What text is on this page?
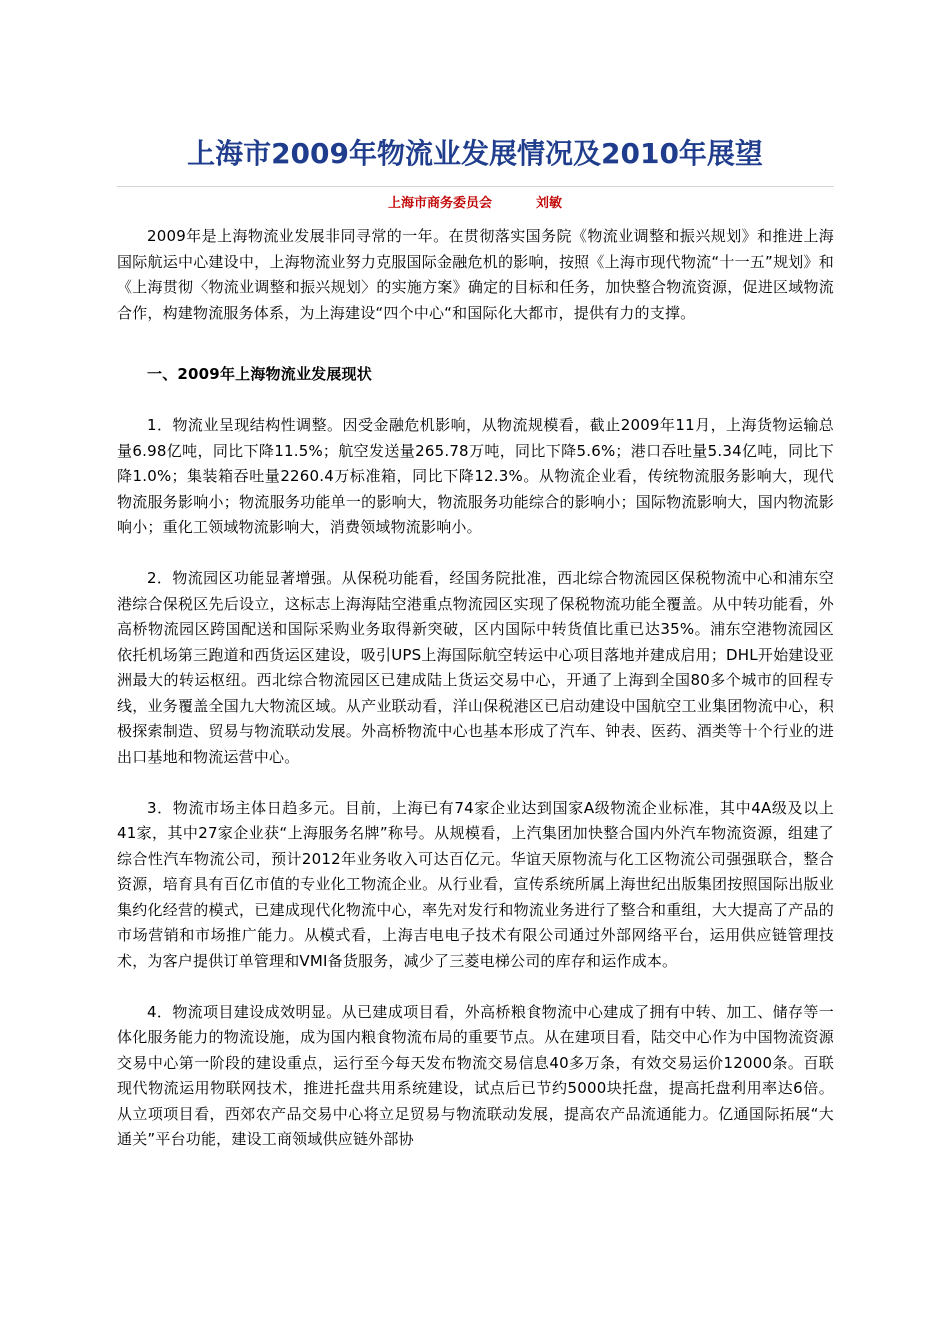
上海市2009年物流业发展情况及2010年展望
上海市商务委员会	刘敏

2009年是上海物流业发展非同寻常的一年。在贯彻落实国务院《物流业调整和振兴规划》和推进上海国际航运中心建设中，上海物流业努力克服国际金融危机的影响，按照《上海市现代物流“十一五”规划》和《上海贯彻〈物流业调整和振兴规划〉的实施方案》确定的目标和任务，加快整合物流资源，促进区域物流合作，构建物流服务体系，为上海建设“四个中心“和国际化大都市，提供有力的支撑。

一、2009年上海物流业发展现状

1．物流业呈现结构性调整。因受金融危机影响，从物流规模看，截止2009年11月，上海货物运输总量6.98亿吨，同比下降11.5%；航空发送量265.78万吨，同比下降5.6%；港口吞吐量5.34亿吨，同比下降1.0%；集装箱吞吐量2260.4万标准箱，同比下降12.3%。从物流企业看，传统物流服务影响大，现代物流服务影响小；物流服务功能单一的影响大，物流服务功能综合的影响小；国际物流影响大，国内物流影响小；重化工领域物流影响大，消费领域物流影响小。

2．物流园区功能显著增强。从保税功能看，经国务院批准，西北综合物流园区保税物流中心和浦东空港综合保税区先后设立，这标志上海海陆空港重点物流园区实现了保税物流功能全覆盖。从中转功能看，外高桥物流园区跨国配送和国际采购业务取得新突破，区内国际中转货值比重已达35%。浦东空港物流园区依托机场第三跑道和西货运区建设，吸引UPS上海国际航空转运中心项目落地并建成启用；DHL开始建设亚洲最大的转运枢纽。西北综合物流园区已建成陆上货运交易中心，开通了上海到全国80多个城市的回程专线，业务覆盖全国九大物流区域。从产业联动看，洋山保税港区已启动建设中国航空工业集团物流中心，积极探索制造、贸易与物流联动发展。外高桥物流中心也基本形成了汽车、钟表、医药、酒类等十个行业的进出口基地和物流运营中心。

3．物流市场主体日趋多元。目前，上海已有74家企业达到国家A级物流企业标准，其中4A级及以上41家，其中27家企业获“上海服务名牌”称号。从规模看，上汽集团加快整合国内外汽车物流资源，组建了综合性汽车物流公司，预计2012年业务收入可达百亿元。华谊天原物流与化工区物流公司强强联合，整合资源，培育具有百亿市值的专业化工物流企业。从行业看，宣传系统所属上海世纪出版集团按照国际出版业集约化经营的模式，已建成现代化物流中心，率先对发行和物流业务进行了整合和重组，大大提高了产品的市场营销和市场推广能力。从模式看，上海吉电电子技术有限公司通过外部网络平台，运用供应链管理技术，为客户提供订单管理和VMI备货服务，减少了三菱电梯公司的库存和运作成本。

4．物流项目建设成效明显。从已建成项目看，外高桥粮食物流中心建成了拥有中转、加工、储存等一体化服务能力的物流设施，成为国内粮食物流布局的重要节点。从在建项目看，陆交中心作为中国物流资源交易中心第一阶段的建设重点，运行至今每天发布物流交易信息40多万条，有效交易运价12000条。百联现代物流运用物联网技术，推进托盘共用系统建设，试点后已节约5000块托盘，提高托盘利用率达6倍。从立项项目看，西郊农产品交易中心将立足贸易与物流联动发展，提高农产品流通能力。亿通国际拓展“大通关”平台功能，建设工商领域供应链外部协
